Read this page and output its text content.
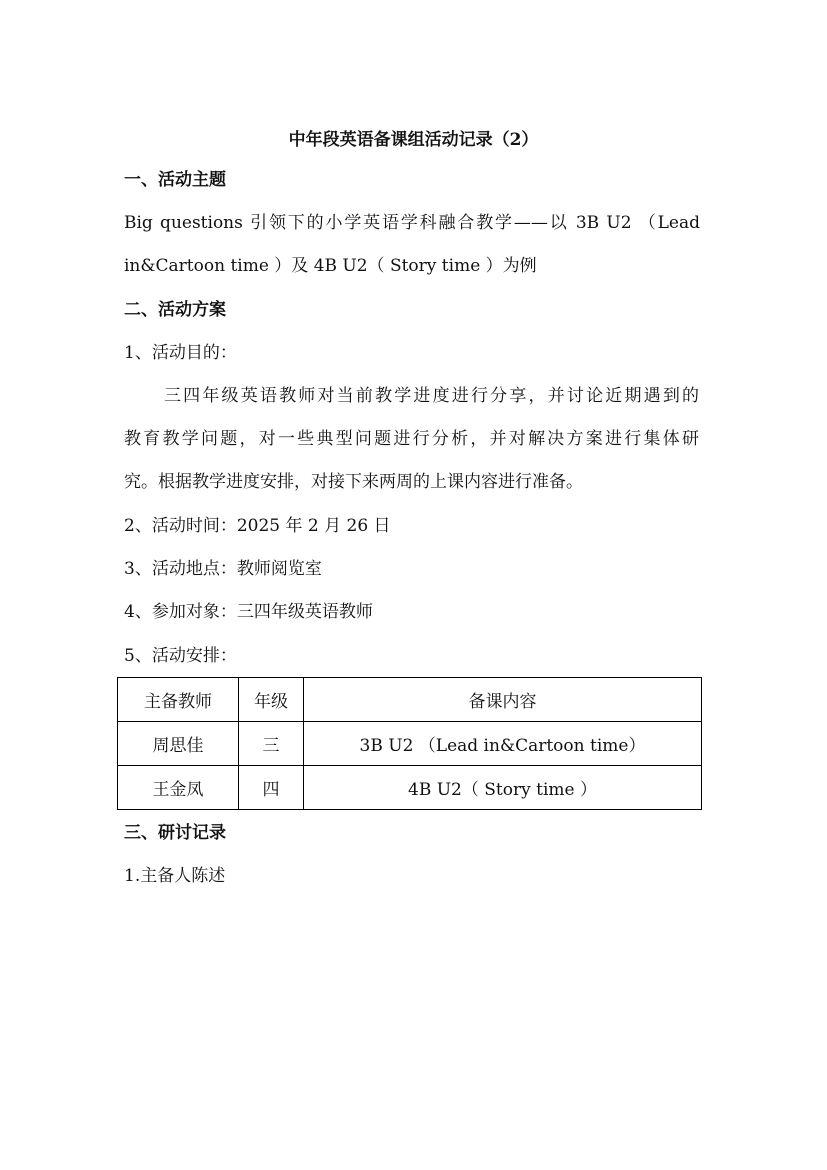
中年段英语备课组活动记录（2）
一、活动主题
Big questions 引领下的小学英语学科融合教学——以 3B U2 （Lead
in&Cartoon time ）及 4B U2（ Story time ）为例
二、活动方案
1、活动目的：
三四年级英语教师对当前教学进度进行分享，并讨论近期遇到的
教育教学问题，对一些典型问题进行分析，并对解决方案进行集体研
究。根据教学进度安排，对接下来两周的上课内容进行准备。
2、活动时间：2025 年 2 月 26 日
3、活动地点：教师阅览室
4、参加对象：三四年级英语教师
5、活动安排：
主备教师	年级	备课内容
周思佳	三	3B U2 （Lead in&Cartoon time）
王金凤	四	4B U2（ Story time ）
三、研讨记录
1.主备人陈述
